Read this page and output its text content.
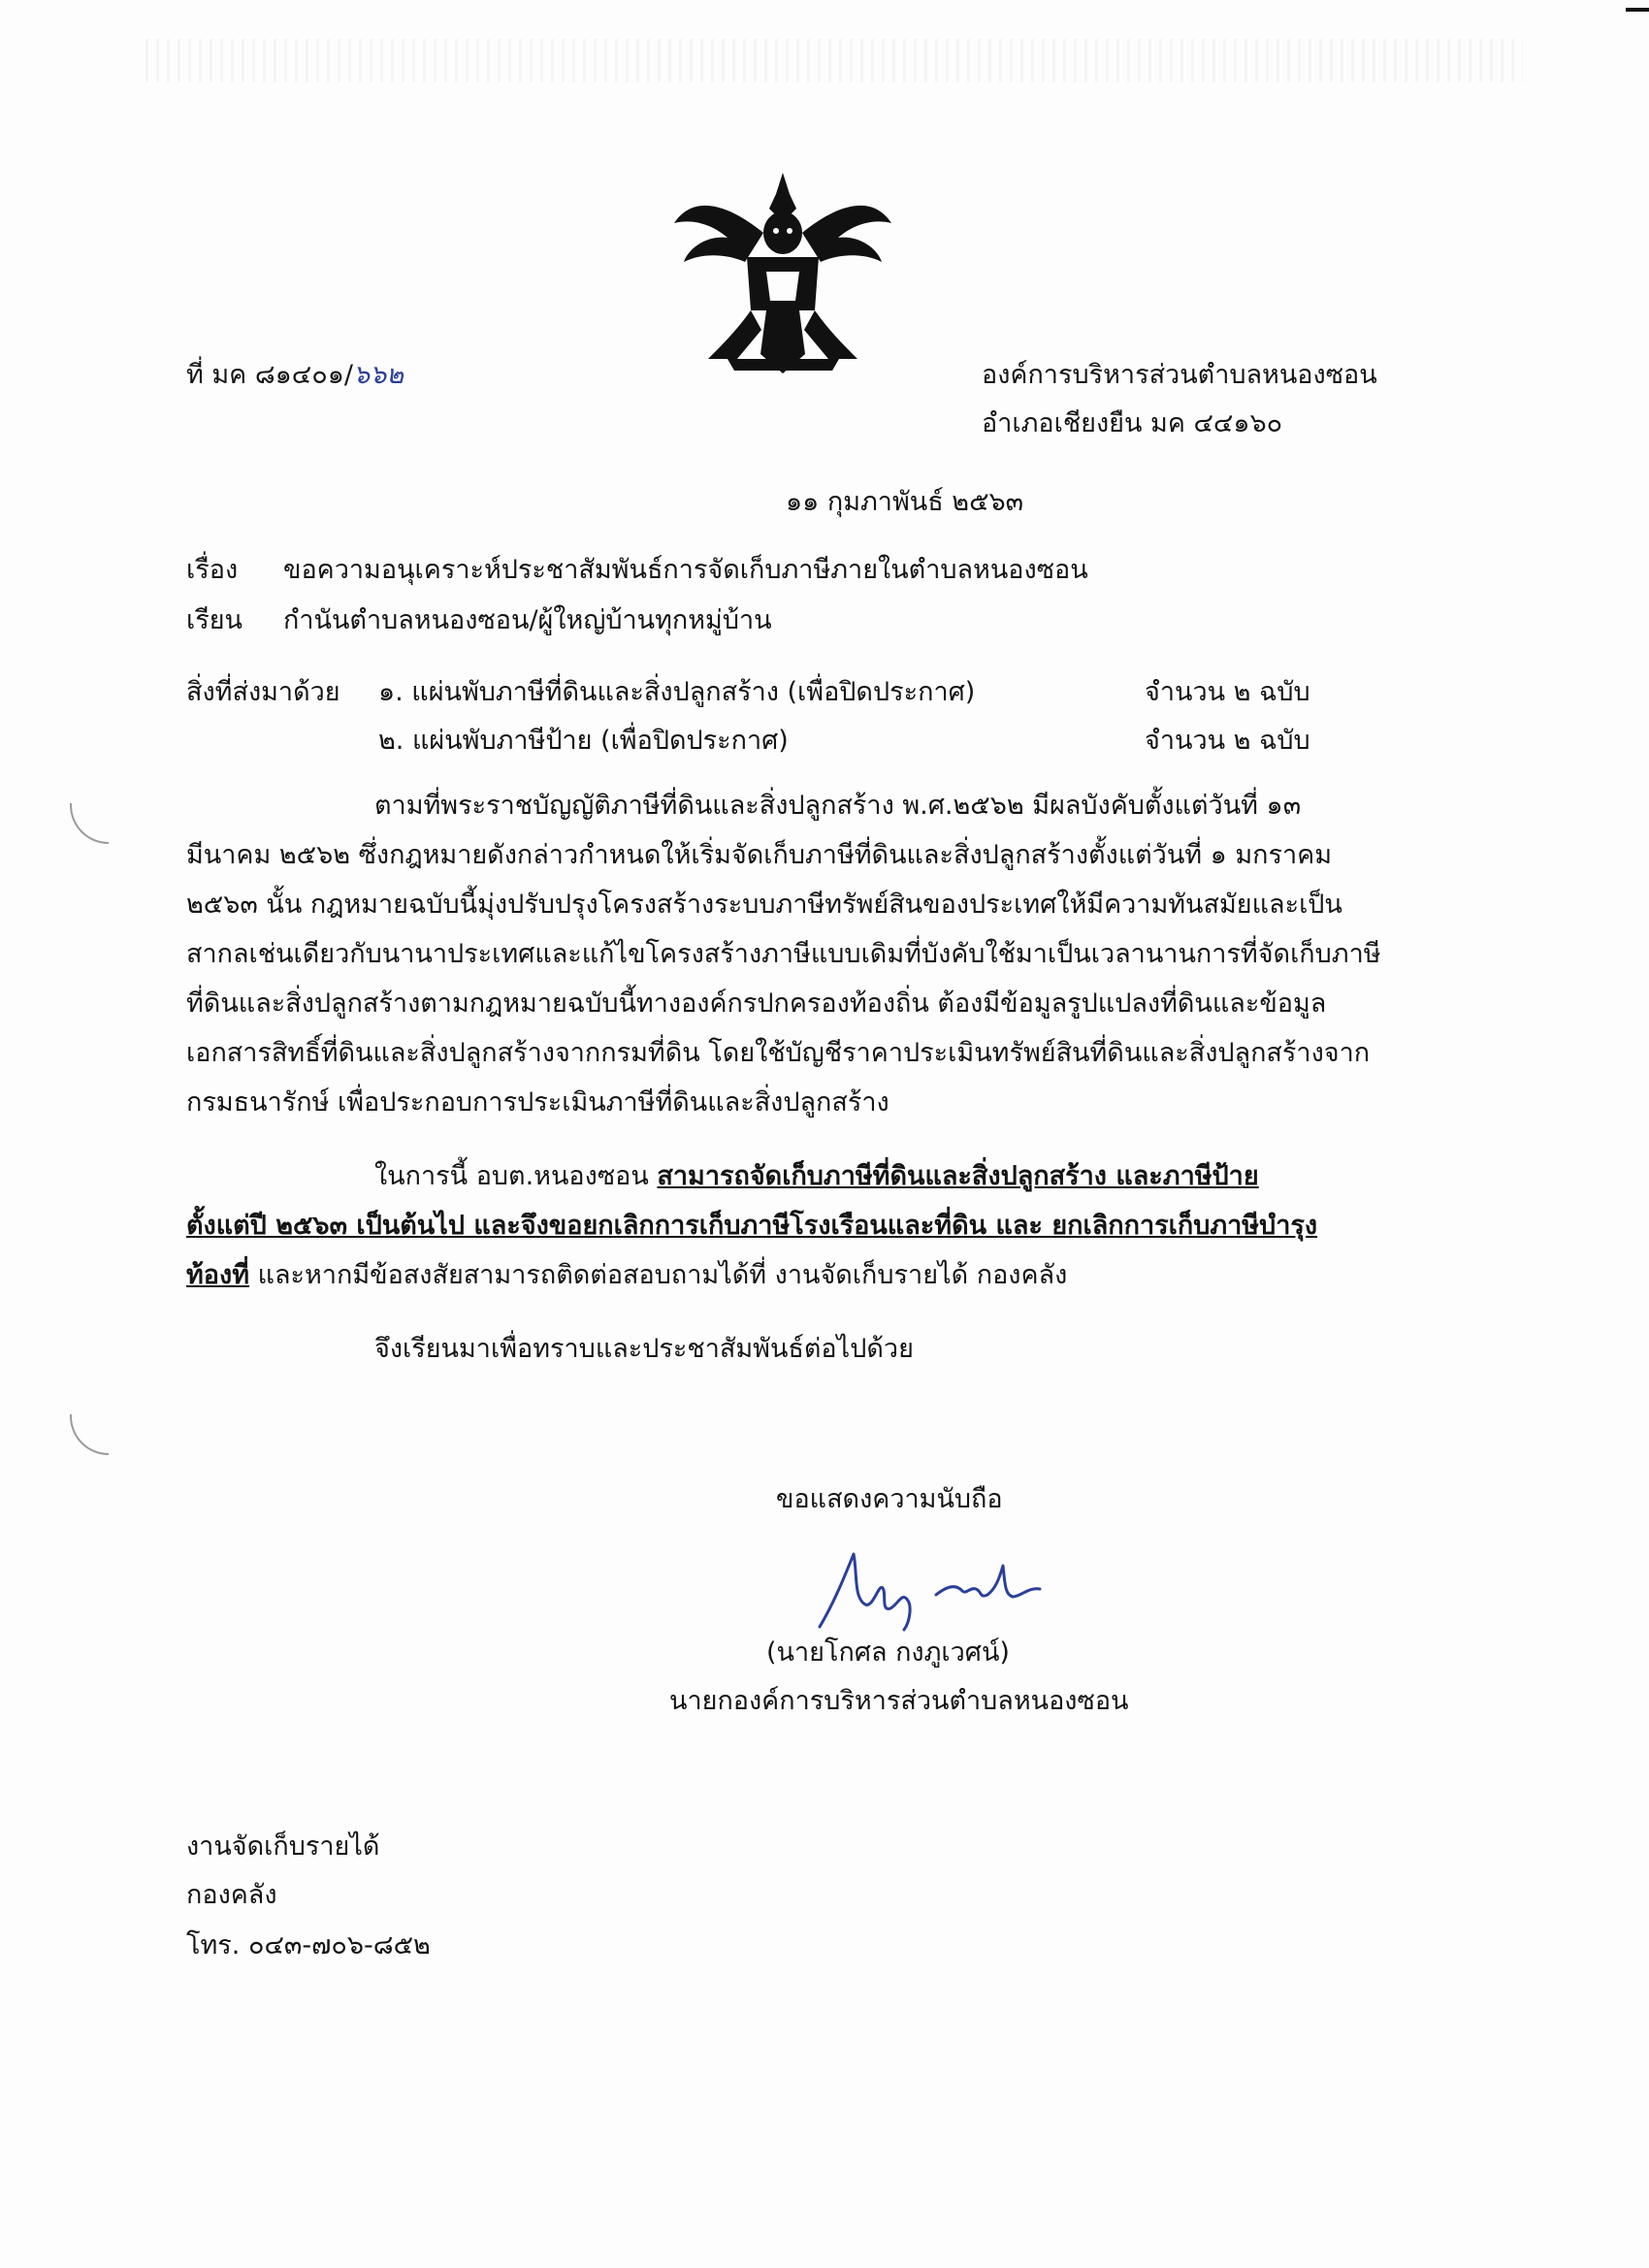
ที่ มค ๘๑๔๐๑/๖๖๒	องค์การบริหารส่วนตำบลหนองซอน
อำเภอเชียงยืน มค ๔๔๑๖๐
๑๑ กุมภาพันธ์ ๒๕๖๓
เรื่อง ขอความอนุเคราะห์ประชาสัมพันธ์การจัดเก็บภาษีภายในตำบลหนองซอน
เรียน กำนันตำบลหนองซอน/ผู้ใหญ่บ้านทุกหมู่บ้าน
สิ่งที่ส่งมาด้วย ๑. แผ่นพับภาษีที่ดินและสิ่งปลูกสร้าง (เพื่อปิดประกาศ)	จำนวน ๒ ฉบับ
๒. แผ่นพับภาษีป้าย (เพื่อปิดประกาศ)	จำนวน ๒ ฉบับ
ตามที่พระราชบัญญัติภาษีที่ดินและสิ่งปลูกสร้าง พ.ศ.๒๕๖๒ มีผลบังคับตั้งแต่วันที่ ๑๓
มีนาคม ๒๕๖๒ ซึ่งกฎหมายดังกล่าวกำหนดให้เริ่มจัดเก็บภาษีที่ดินและสิ่งปลูกสร้างตั้งแต่วันที่ ๑ มกราคม
๒๕๖๓ นั้น กฎหมายฉบับนี้มุ่งปรับปรุงโครงสร้างระบบภาษีทรัพย์สินของประเทศให้มีความทันสมัยและเป็น
สากลเช่นเดียวกับนานาประเทศและแก้ไขโครงสร้างภาษีแบบเดิมที่บังคับใช้มาเป็นเวลานานการที่จัดเก็บภาษี
ที่ดินและสิ่งปลูกสร้างตามกฎหมายฉบับนี้ทางองค์กรปกครองท้องถิ่น ต้องมีข้อมูลรูปแปลงที่ดินและข้อมูล
เอกสารสิทธิ์ที่ดินและสิ่งปลูกสร้างจากกรมที่ดิน โดยใช้บัญชีราคาประเมินทรัพย์สินที่ดินและสิ่งปลูกสร้างจาก
กรมธนารักษ์ เพื่อประกอบการประเมินภาษีที่ดินและสิ่งปลูกสร้าง
ในการนี้ อบต.หนองซอน สามารถจัดเก็บภาษีที่ดินและสิ่งปลูกสร้าง และภาษีป้าย
ตั้งแต่ปี ๒๕๖๓ เป็นต้นไป และจึงขอยกเลิกการเก็บภาษีโรงเรือนและที่ดิน และ ยกเลิกการเก็บภาษีบำรุง
ท้องที่ และหากมีข้อสงสัยสามารถติดต่อสอบถามได้ที่ งานจัดเก็บรายได้ กองคลัง
จึงเรียนมาเพื่อทราบและประชาสัมพันธ์ต่อไปด้วย
ขอแสดงความนับถือ
(นายโกศล กงภูเวศน์)
นายกองค์การบริหารส่วนตำบลหนองซอน
งานจัดเก็บรายได้
กองคลัง
โทร. ๐๔๓-๗๐๖-๘๕๒
